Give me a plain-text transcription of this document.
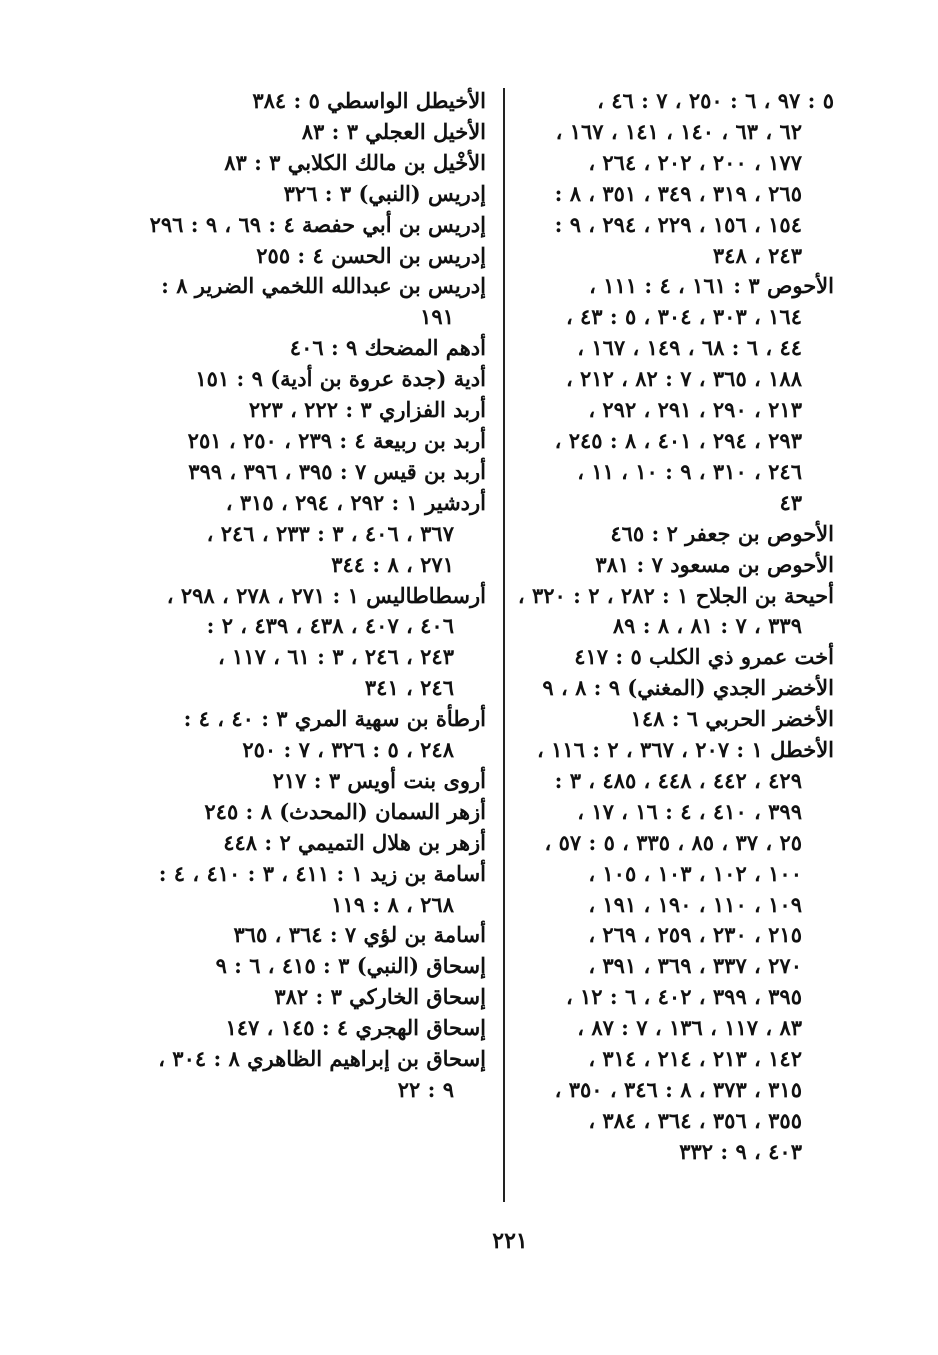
٥ : ٩٧ ، ٦ : ٢٥٠ ، ٧ : ٤٦ ،
٦٢ ، ٦٣ ، ١٤٠ ، ١٤١ ، ١٦٧ ،
١٧٧ ، ٢٠٠ ، ٢٠٢ ، ٢٦٤ ،
٢٦٥ ، ٣١٩ ، ٣٤٩ ، ٣٥١ ، ٨ :
١٥٤ ، ١٥٦ ، ٢٢٩ ، ٢٩٤ ، ٩ :
٢٤٣ ، ٣٤٨
الأحوص ٣ : ١٦١ ، ٤ : ١١١ ،
١٦٤ ، ٣٠٣ ، ٣٠٤ ، ٥ : ٤٣ ،
٤٤ ، ٦ : ٦٨ ، ١٤٩ ، ١٦٧ ،
١٨٨ ، ٣٦٥ ، ٧ : ٨٢ ، ٢١٢ ،
٢١٣ ، ٢٩٠ ، ٢٩١ ، ٢٩٢ ،
٢٩٣ ، ٢٩٤ ، ٤٠١ ، ٨ : ٢٤٥ ،
٢٤٦ ، ٣١٠ ، ٩ : ١٠ ، ١١ ،
٤٣
الأحوص بن جعفر ٢ : ٤٦٥
الأحوص بن مسعود ٧ : ٣٨١
أحيحة بن الجلاح ١ : ٢٨٢ ، ٢ : ٣٢٠ ،
٣٣٩ ، ٧ : ٨١ ، ٨ : ٨٩
أخت عمرو ذي الكلب ٥ : ٤١٧
الأخضر الجدي (المغني) ٩ : ٨ ، ٩
الأخضر الحربي ٦ : ١٤٨
الأخطل ١ : ٢٠٧ ، ٣٦٧ ، ٢ : ١١٦ ،
٤٢٩ ، ٤٤٢ ، ٤٤٨ ، ٤٨٥ ، ٣ :
٣٩٩ ، ٤١٠ ، ٤ : ١٦ ، ١٧ ،
٢٥ ، ٣٧ ، ٨٥ ، ٣٣٥ ، ٥ : ٥٧ ،
١٠٠ ، ١٠٢ ، ١٠٣ ، ١٠٥ ،
١٠٩ ، ١١٠ ، ١٩٠ ، ١٩١ ،
٢١٥ ، ٢٣٠ ، ٢٥٩ ، ٢٦٩ ،
٢٧٠ ، ٣٣٧ ، ٣٦٩ ، ٣٩١ ،
٣٩٥ ، ٣٩٩ ، ٤٠٢ ، ٦ : ١٢ ،
٨٣ ، ١١٧ ، ١٣٦ ، ٧ : ٨٧ ،
١٤٢ ، ٢١٣ ، ٢١٤ ، ٣١٤ ،
٣١٥ ، ٣٧٣ ، ٨ : ٣٤٦ ، ٣٥٠ ،
٣٥٥ ، ٣٥٦ ، ٣٦٤ ، ٣٨٤ ،
٤٠٣ ، ٩ : ٣٣٢
الأخيطل الواسطي ٥ : ٣٨٤
الأخيل العجلي ٣ : ٨٣
الأخْيل بن مالك الكلابي ٣ : ٨٣
إدريس (النبي) ٣ : ٣٢٦
إدريس بن أبي حفصة ٤ : ٦٩ ، ٩ : ٢٩٦
إدريس بن الحسن ٤ : ٢٥٥
إدريس بن عبدالله اللخمي الضرير ٨ :
١٩١
أدهم المضحك ٩ : ٤٠٦
أدية (جدة عروة بن أدية) ٩ : ١٥١
أربد الفزاري ٣ : ٢٢٢ ، ٢٢٣
أربد بن ربيعة ٤ : ٢٣٩ ، ٢٥٠ ، ٢٥١
أربد بن قيس ٧ : ٣٩٥ ، ٣٩٦ ، ٣٩٩
أردشير ١ : ٢٩٢ ، ٢٩٤ ، ٣١٥ ،
٣٦٧ ، ٤٠٦ ، ٣ : ٢٣٣ ، ٢٤٦ ،
٢٧١ ، ٨ : ٣٤٤
أرسطاطاليس ١ : ٢٧١ ، ٢٧٨ ، ٢٩٨ ،
٤٠٦ ، ٤٠٧ ، ٤٣٨ ، ٤٣٩ ، ٢ :
٢٤٣ ، ٢٤٦ ، ٣ : ٦١ ، ١١٧ ،
٢٤٦ ، ٣٤١
أرطأة بن سهية المري ٣ : ٤٠ ، ٤ :
٢٤٨ ، ٥ : ٣٢٦ ، ٧ : ٢٥٠
أروى بنت أويس ٣ : ٢١٧
أزهر السمان (المحدث) ٨ : ٢٤٥
أزهر بن هلال التميمي ٢ : ٤٤٨
أسامة بن زيد ١ : ٤١١ ، ٣ : ٤١٠ ، ٤ :
٢٦٨ ، ٨ : ١١٩
أسامة بن لؤي ٧ : ٣٦٤ ، ٣٦٥
إسحاق (النبي) ٣ : ٤١٥ ، ٦ : ٩
إسحاق الخاركي ٣ : ٣٨٢
إسحاق الهجري ٤ : ١٤٥ ، ١٤٧
إسحاق بن إبراهيم الظاهري ٨ : ٣٠٤ ،
٩ : ٢٢
٢٢١
